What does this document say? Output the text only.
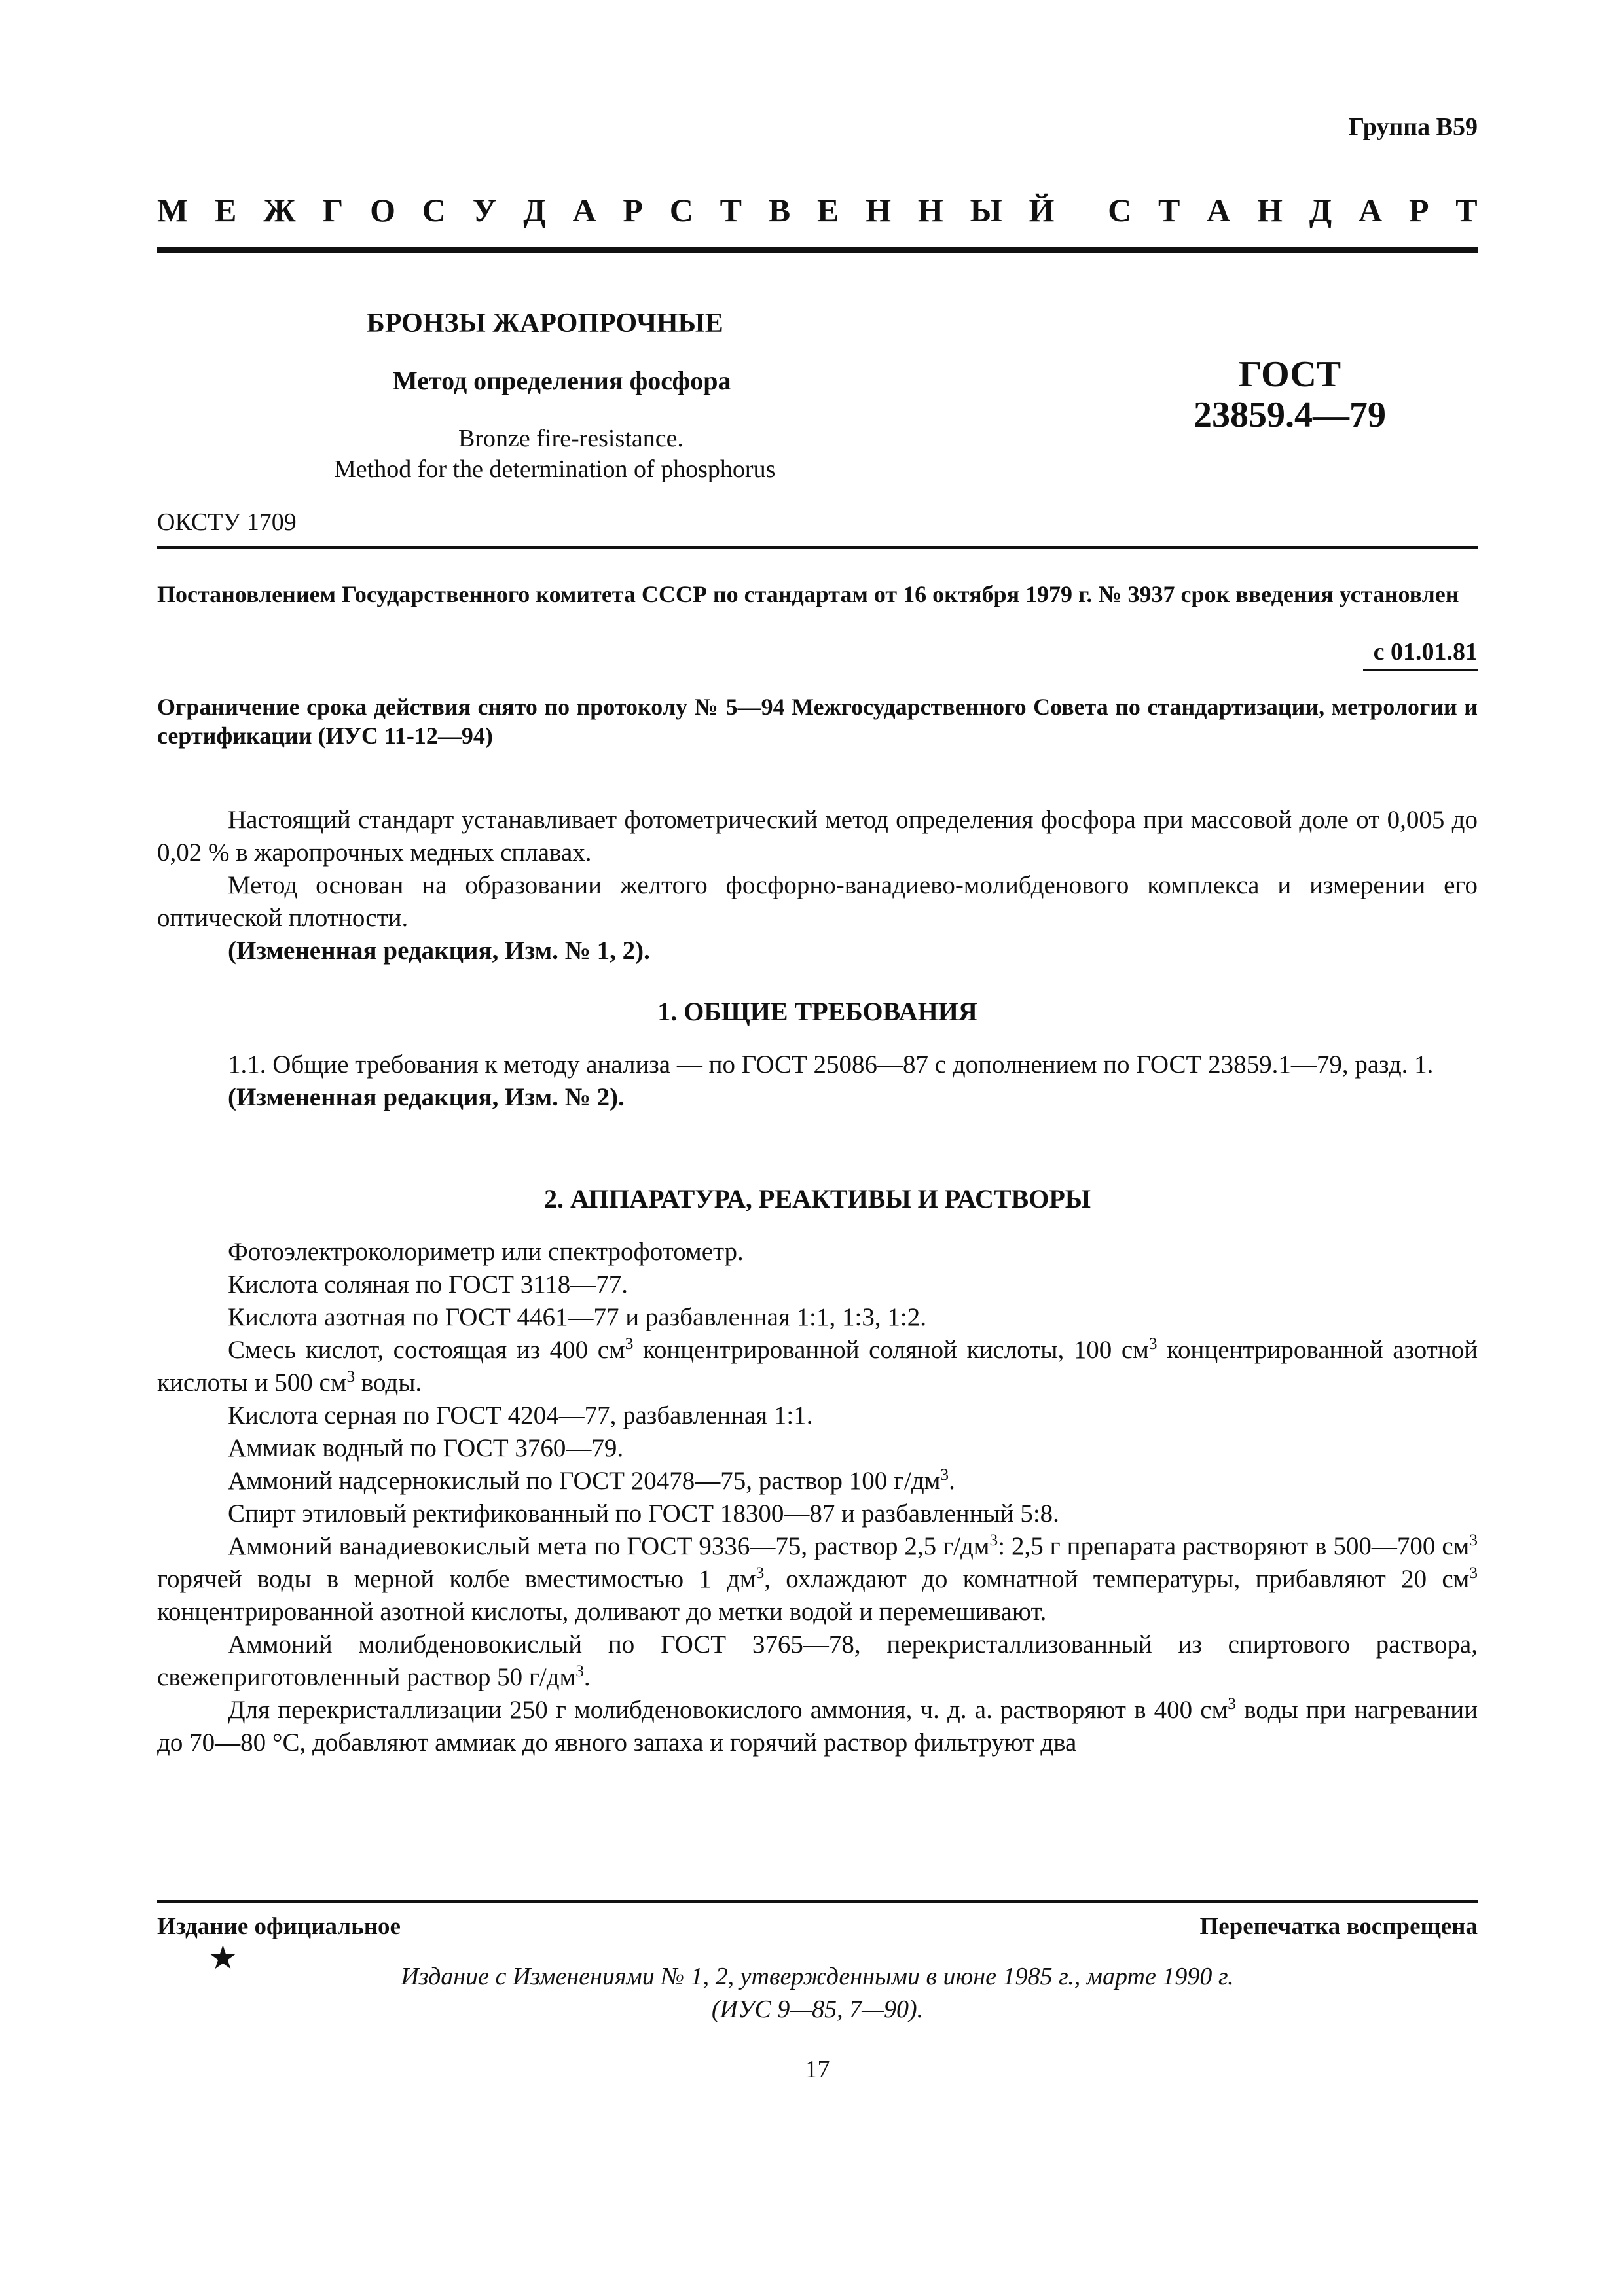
Группа В59
М Е Ж Г О С У Д А Р С Т В Е Н Н Ы Й С Т А Н Д А Р Т
БРОНЗЫ ЖАРОПРОЧНЫЕ
Метод определения фосфора
Bronze fire-resistance.
Method for the determination of phosphorus
ГОСТ
23859.4—79
ОКСТУ 1709
Постановлением Государственного комитета СССР по стандартам от 16 октября 1979 г. № 3937 срок введения установлен
с 01.01.81
Ограничение срока действия снято по протоколу № 5—94 Межгосударственного Совета по стандартизации, метрологии и сертификации (ИУС 11-12—94)

Настоящий стандарт устанавливает фотометрический метод определения фосфора при массовой доле от 0,005 до 0,02 % в жаропрочных медных сплавах.

Метод основан на образовании желтого фосфорно-ванадиево-молибденового комплекса и измерении его оптической плотности.

(Измененная редакция, Изм. № 1, 2).

1. ОБЩИЕ ТРЕБОВАНИЯ

1.1. Общие требования к методу анализа — по ГОСТ 25086—87 с дополнением по ГОСТ 23859.1—79, разд. 1.

(Измененная редакция, Изм. № 2).

2. АППАРАТУРА, РЕАКТИВЫ И РАСТВОРЫ

Фотоэлектроколориметр или спектрофотометр.

Кислота соляная по ГОСТ 3118—77.

Кислота азотная по ГОСТ 4461—77 и разбавленная 1:1, 1:3, 1:2.

Смесь кислот, состоящая из 400 $см^3$ концентрированной соляной кислоты, 100 $см^3$ концентрированной азотной кислоты и 500 $см^3$ воды.

Кислота серная по ГОСТ 4204—77, разбавленная 1:1.

Аммиак водный по ГОСТ 3760—79.

Аммоний надсернокислый по ГОСТ 20478—75, раствор 100 $г/дм^3$.

Спирт этиловый ректификованный по ГОСТ 18300—87 и разбавленный 5:8.

Аммоний ванадиевокислый мета по ГОСТ 9336—75, раствор 2,5 $г/дм^3$: 2,5 г препарата растворяют в 500—700 $см^3$ горячей воды в мерной колбе вместимостью 1 $дм^3$, охлаждают до комнатной температуры, прибавляют 20 $см^3$ концентрированной азотной кислоты, доливают до метки водой и перемешивают.

Аммоний молибденовокислый по ГОСТ 3765—78, перекристаллизованный из спиртового раствора, свежеприготовленный раствор 50 $г/дм^3$.

Для перекристаллизации 250 г молибденовокислого аммония, ч. д. а. растворяют в 400 $см^3$ воды при нагревании до 70—80 °С, добавляют аммиак до явного запаха и горячий раствор фильтруют два

Издание официальное	Перепечатка воспрещена
★
Издание с Изменениями № 1, 2, утвержденными в июне 1985 г., марте 1990 г.
(ИУС 9—85, 7—90).
17
